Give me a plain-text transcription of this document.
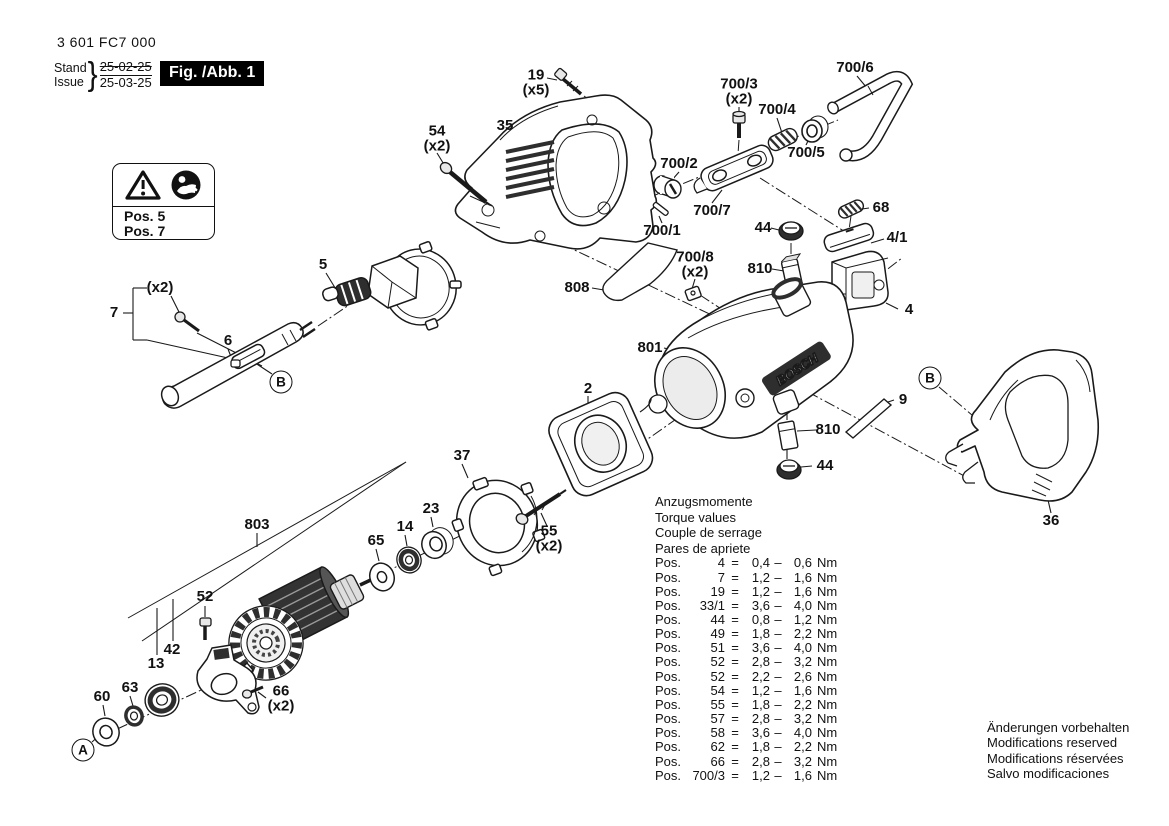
BOSCH
3 601 FC7 000
Stand
Issue } 25-02-25
25-03-25
Fig. /Abb. 1
Pos. 5
Pos. 7
19
(x5)
35
54
(x2)
700/3
(x2)
700/4
700/6
700/5
700/2
700/7
700/1
68
44
810
4/1
700/8
(x2)
808
801
4
5
7
(x2)
6
2
9
810
44
36
37
55
(x2)
23
14
65
803
52
42
13
63
60	66
(x2)
B	B
A
Anzugsmomente
Torque values
Couple de serrage
Pares de apriete
Pos.	4 =	0,4 – 0,6 Nm
Pos.	7 =	1,2 – 1,6 Nm
Pos.	19 =	1,2 – 1,6 Nm
Pos.	33/1 =	3,6 – 4,0 Nm
Pos.	44 =	0,8 – 1,2 Nm
Pos.	49 =	1,8 – 2,2 Nm
Pos.	51 =	3,6 – 4,0 Nm
Pos.	52 =	2,8 – 3,2 Nm
Pos.	52 =	2,2 – 2,6 Nm
Pos.	54 =	1,2 – 1,6 Nm
Pos.	55 =	1,8 – 2,2 Nm
Pos.	57 =	2,8 – 3,2 Nm
Pos.	58 =	3,6 – 4,0 Nm
Pos.	62 =	1,8 – 2,2 Nm
Pos.	66 =	2,8 – 3,2 Nm
Pos. 700/3 =	1,2 – 1,6 Nm
Änderungen vorbehalten
Modifications reserved
Modifications réservées
Salvo modificaciones
